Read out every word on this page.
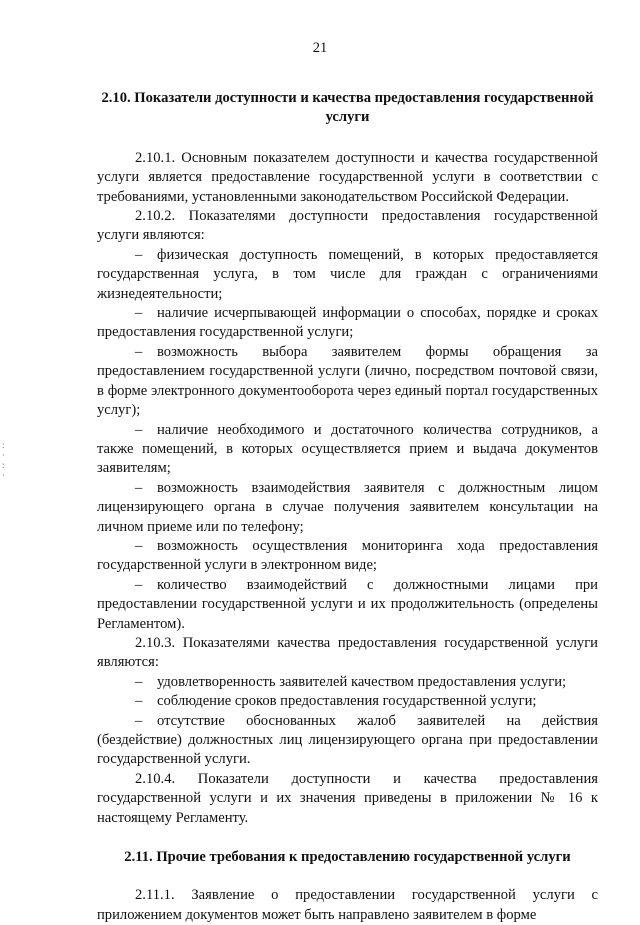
21
:
·
:
·

2.10. Показатели доступности и качества предоставления государственной услуги

2.10.1. Основным показателем доступности и качества государственной услуги является предоставление государственной услуги в соответствии с требованиями, установленными законодательством Российской Федерации.

2.10.2. Показателями доступности предоставления государственной услуги являются:

– физическая доступность помещений, в которых предоставляется государственная услуга, в том числе для граждан с ограничениями жизнедеятельности;

– наличие исчерпывающей информации о способах, порядке и сроках предоставления государственной услуги;

– возможность выбора заявителем формы обращения за предоставлением государственной услуги (лично, посредством почтовой связи, в форме электронного документооборота через единый портал государственных услуг);

– наличие необходимого и достаточного количества сотрудников, а также помещений, в которых осуществляется прием и выдача документов заявителям;

– возможность взаимодействия заявителя с должностным лицом лицензирующего органа в случае получения заявителем консультации на личном приеме или по телефону;

– возможность осуществления мониторинга хода предоставления государственной услуги в электронном виде;

– количество взаимодействий с должностными лицами при предоставлении государственной услуги и их продолжительность (определены Регламентом).

2.10.3. Показателями качества предоставления государственной услуги являются:

– удовлетворенность заявителей качеством предоставления услуги;

– соблюдение сроков предоставления государственной услуги;

– отсутствие обоснованных жалоб заявителей на действия (бездействие) должностных лиц лицензирующего органа при предоставлении государственной услуги.

2.10.4. Показатели доступности и качества предоставления государственной услуги и их значения приведены в приложении № 16 к настоящему Регламенту.

2.11. Прочие требования к предоставлению государственной услуги

2.11.1. Заявление о предоставлении государственной услуги с приложением документов может быть направлено заявителем в форме
